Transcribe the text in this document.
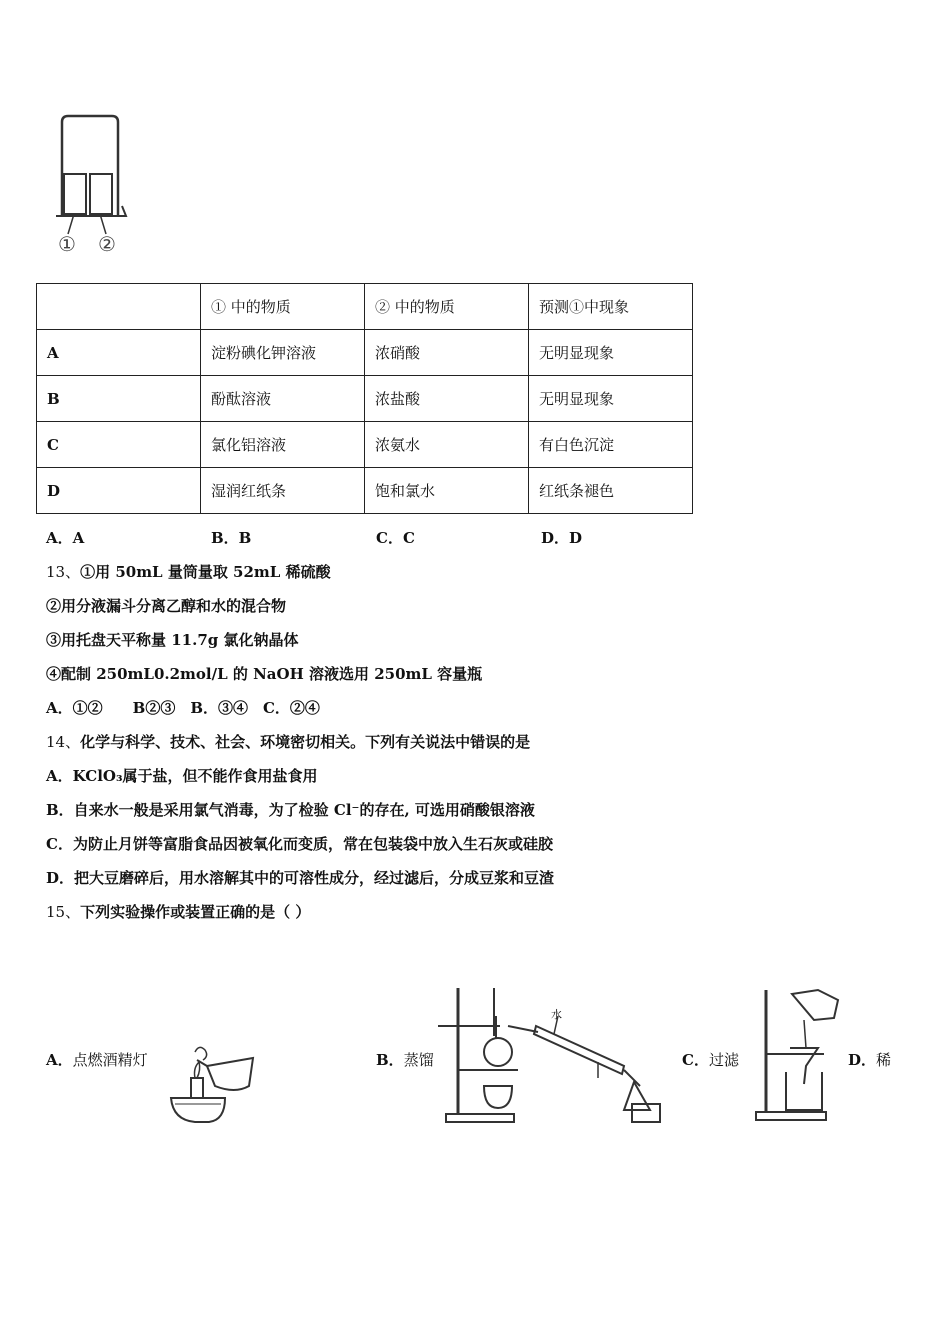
① ②
	① 中的物质	② 中的物质	预测①中现象
A	淀粉碘化钾溶液	浓硝酸	无明显现象
B	酚酞溶液	浓盐酸	无明显现象
C	氯化铝溶液	浓氨水	有白色沉淀
D	湿润红纸条	饱和氯水	红纸条褪色
A．A	B．B	C．C	D．D
13、①用 50mL 量筒量取 52mL 稀硫酸
②用分液漏斗分离乙醇和水的混合物
③用托盘天平称量 11.7g 氯化钠晶体
④配制 250mL0.2mol/L 的 NaOH 溶液选用 250mL 容量瓶
A．①②　　B②③　B．③④　C．②④
14、化学与科学、技术、社会、环境密切相关。下列有关说法中错误的是
A．KClO₃属于盐，但不能作食用盐食用
B．自来水一般是采用氯气消毒，为了检验 Cl⁻的存在, 可选用硝酸银溶液
C．为防止月饼等富脂食品因被氧化而变质，常在包装袋中放入生石灰或硅胶
D．把大豆磨碎后，用水溶解其中的可溶性成分，经过滤后，分成豆浆和豆渣
15、下列实验操作或装置正确的是（ ）
A．点燃酒精灯	B．蒸馏	C．过滤	D．稀
水
